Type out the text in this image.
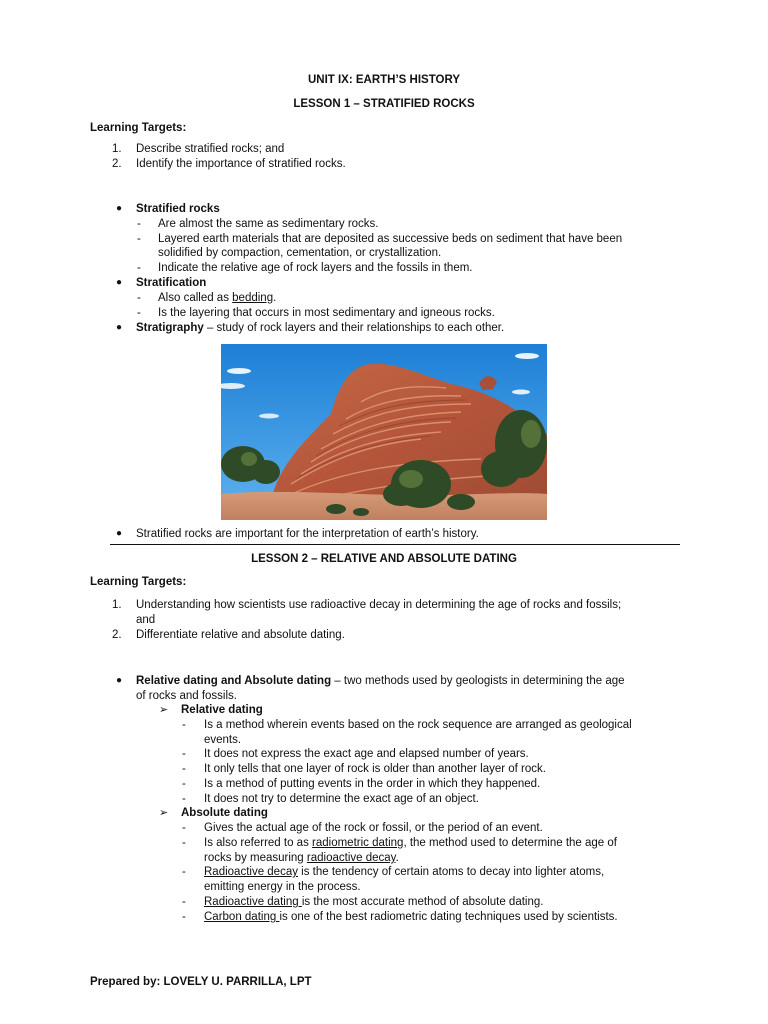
UNIT IX: EARTH’S HISTORY
LESSON 1 – STRATIFIED ROCKS
Learning Targets:
1. Describe stratified rocks; and
2. Identify the importance of stratified rocks.
● Stratified rocks
- Are almost the same as sedimentary rocks.
- Layered earth materials that are deposited as successive beds on sediment that have been
solidified by compaction, cementation, or crystallization.
- Indicate the relative age of rock layers and the fossils in them.
● Stratification
- Also called as bedding.
- Is the layering that occurs in most sedimentary and igneous rocks.
● Stratigraphy – study of rock layers and their relationships to each other.
● Stratified rocks are important for the interpretation of earth’s history.
LESSON 2 – RELATIVE AND ABSOLUTE DATING
Learning Targets:
1. Understanding how scientists use radioactive decay in determining the age of rocks and fossils;
and
2. Differentiate relative and absolute dating.
● Relative dating and Absolute dating – two methods used by geologists in determining the age
of rocks and fossils.
➢ Relative dating
- Is a method wherein events based on the rock sequence are arranged as geological
events.
- It does not express the exact age and elapsed number of years.
- It only tells that one layer of rock is older than another layer of rock.
- Is a method of putting events in the order in which they happened.
- It does not try to determine the exact age of an object.
➢ Absolute dating
- Gives the actual age of the rock or fossil, or the period of an event.
- Is also referred to as radiometric dating, the method used to determine the age of
rocks by measuring radioactive decay.
- Radioactive decay is the tendency of certain atoms to decay into lighter atoms,
emitting energy in the process.
- Radioactive dating is the most accurate method of absolute dating.
- Carbon dating is one of the best radiometric dating techniques used by scientists.
Prepared by: LOVELY U. PARRILLA, LPT
